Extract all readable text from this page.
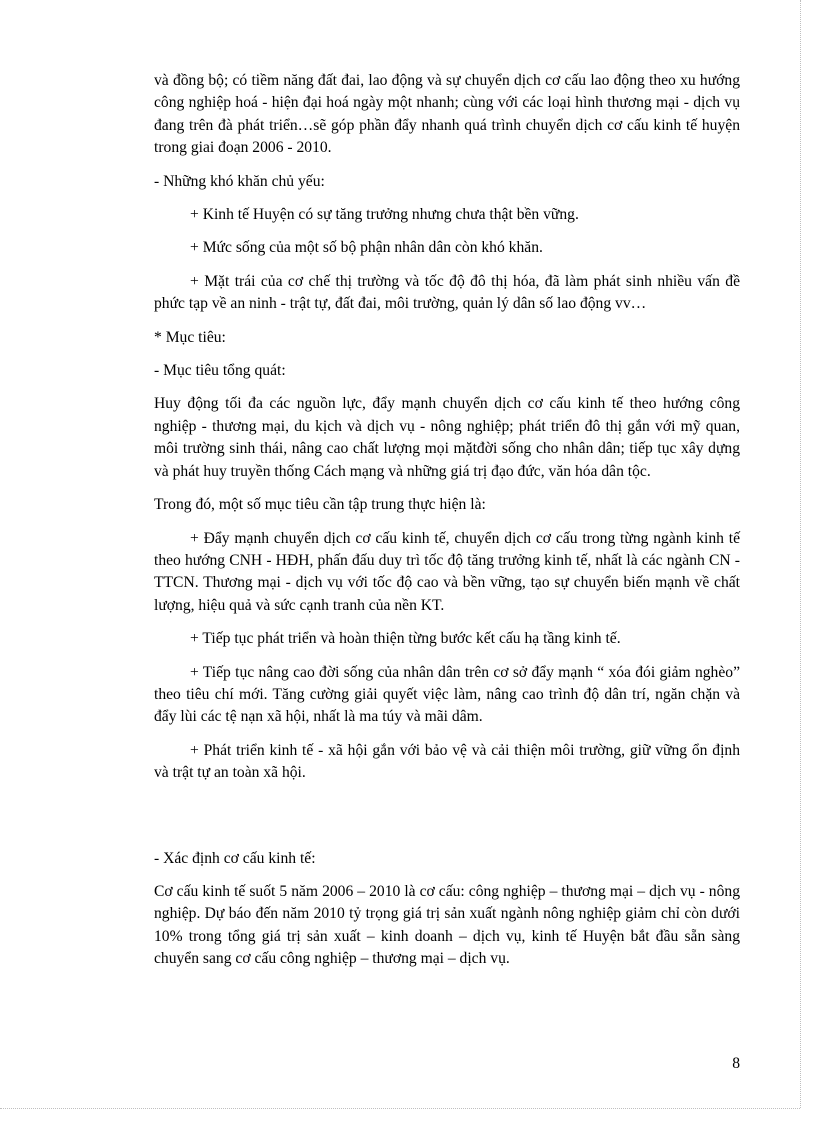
và đồng bộ; có tiềm năng đất đai, lao động và sự chuyển dịch cơ cấu lao động theo xu hướng công nghiệp hoá - hiện đại hoá ngày một nhanh; cùng với các loại hình thương mại - dịch vụ đang trên đà phát triển…sẽ góp phần đẩy nhanh quá trình chuyển dịch cơ cấu kinh tế huyện trong giai đoạn 2006 - 2010.

- Những khó khăn chủ yếu:

+ Kinh tế Huyện có sự tăng trưởng nhưng chưa thật bền vững.

+ Mức sống của một số bộ phận nhân dân còn khó khăn.

+ Mặt trái của cơ chế thị trường và tốc độ đô thị hóa, đã làm phát sinh nhiều vấn đề phức tạp về an ninh - trật tự, đất đai, môi trường, quản lý dân số lao động vv…

* Mục tiêu:

- Mục tiêu tổng quát:

Huy động tối đa các nguồn lực, đẩy mạnh chuyển dịch cơ cấu kinh tế theo hướng công nghiệp - thương mại, du kịch và dịch vụ - nông nghiệp; phát triển đô thị gắn với mỹ quan, môi trường sinh thái, nâng cao chất lượng mọi mặtđời sống cho nhân dân; tiếp tục xây dựng và phát huy truyền thống Cách mạng và những giá trị đạo đức, văn hóa dân tộc.

Trong đó, một số mục tiêu cần tập trung thực hiện là:

+ Đẩy mạnh chuyển dịch cơ cấu kinh tế, chuyển dịch cơ cấu trong từng ngành kinh tế theo hướng CNH - HĐH, phấn đấu duy trì tốc độ tăng trưởng kinh tế, nhất là các ngành CN -TTCN. Thương mại - dịch vụ với tốc độ cao và bền vững, tạo sự chuyển biến mạnh về chất lượng, hiệu quả và sức cạnh tranh của nền KT.

+ Tiếp tục phát triển và hoàn thiện từng bước kết cấu hạ tầng kinh tế.

+ Tiếp tục nâng cao đời sống của nhân dân trên cơ sở đẩy mạnh “ xóa đói giảm nghèo” theo tiêu chí mới. Tăng cường giải quyết việc làm, nâng cao trình độ dân trí, ngăn chặn và đẩy lùi các tệ nạn xã hội, nhất là ma túy và mãi dâm.

+ Phát triển kinh tế - xã hội gắn với bảo vệ và cải thiện môi trường, giữ vững ổn định và trật tự an toàn xã hội.

- Xác định cơ cấu kinh tế:

Cơ cấu kinh tế suốt 5 năm 2006 – 2010 là cơ cấu: công nghiệp – thương mại – dịch vụ - nông nghiệp. Dự báo đến năm 2010 tỷ trọng giá trị sản xuất ngành nông nghiệp giảm chỉ còn dưới 10% trong tổng giá trị sản xuất – kinh doanh – dịch vụ, kinh tế Huyện bắt đầu sẵn sàng chuyển sang cơ cấu công nghiệp – thương mại – dịch vụ.

8
